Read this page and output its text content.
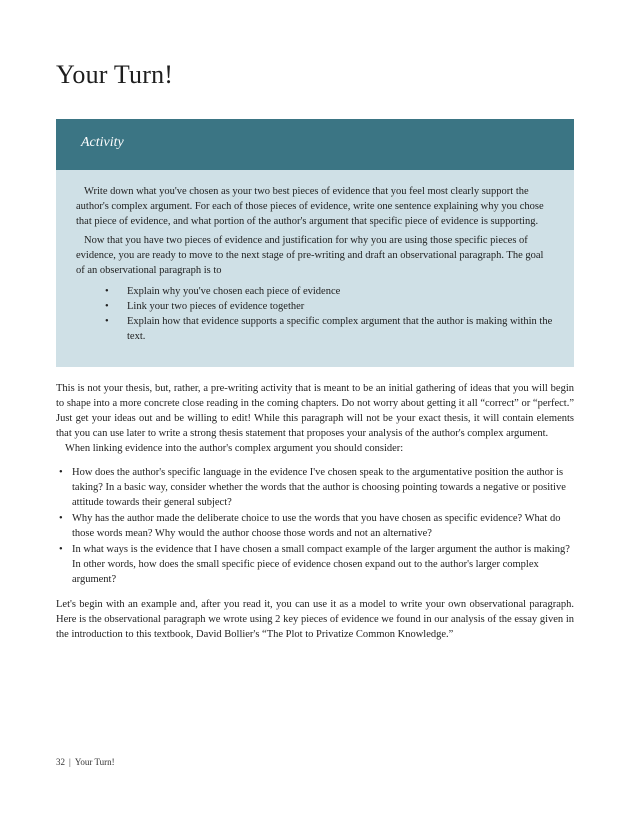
Your Turn!
Activity

Write down what you've chosen as your two best pieces of evidence that you feel most clearly support the author's complex argument. For each of those pieces of evidence, write one sentence explaining why you chose that piece of evidence, and what portion of the author's argument that specific piece of evidence is supporting.

Now that you have two pieces of evidence and justification for why you are using those specific pieces of evidence, you are ready to move to the next stage of pre-writing and draft an observational paragraph. The goal of an observational paragraph is to

• Explain why you've chosen each piece of evidence
• Link your two pieces of evidence together
• Explain how that evidence supports a specific complex argument that the author is making within the text.

This is not your thesis, but, rather, a pre-writing activity that is meant to be an initial gathering of ideas that you will begin to shape into a more concrete close reading in the coming chapters. Do not worry about getting it all “correct” or “perfect.” Just get your ideas out and be willing to edit! While this paragraph will not be your exact thesis, it will contain elements that you can use later to write a strong thesis statement that proposes your analysis of the author's complex argument.

When linking evidence into the author's complex argument you should consider:

• How does the author's specific language in the evidence I've chosen speak to the argumentative position the author is taking? In a basic way, consider whether the words that the author is choosing pointing towards a negative or positive attitude towards their general subject?
• Why has the author made the deliberate choice to use the words that you have chosen as specific evidence? What do those words mean? Why would the author choose those words and not an alternative?
• In what ways is the evidence that I have chosen a small compact example of the larger argument the author is making? In other words, how does the small specific piece of evidence chosen expand out to the author's larger complex argument?

Let's begin with an example and, after you read it, you can use it as a model to write your own observational paragraph. Here is the observational paragraph we wrote using 2 key pieces of evidence we found in our analysis of the essay given in the introduction to this textbook, David Bollier's “The Plot to Privatize Common Knowledge.”

32 | Your Turn!
